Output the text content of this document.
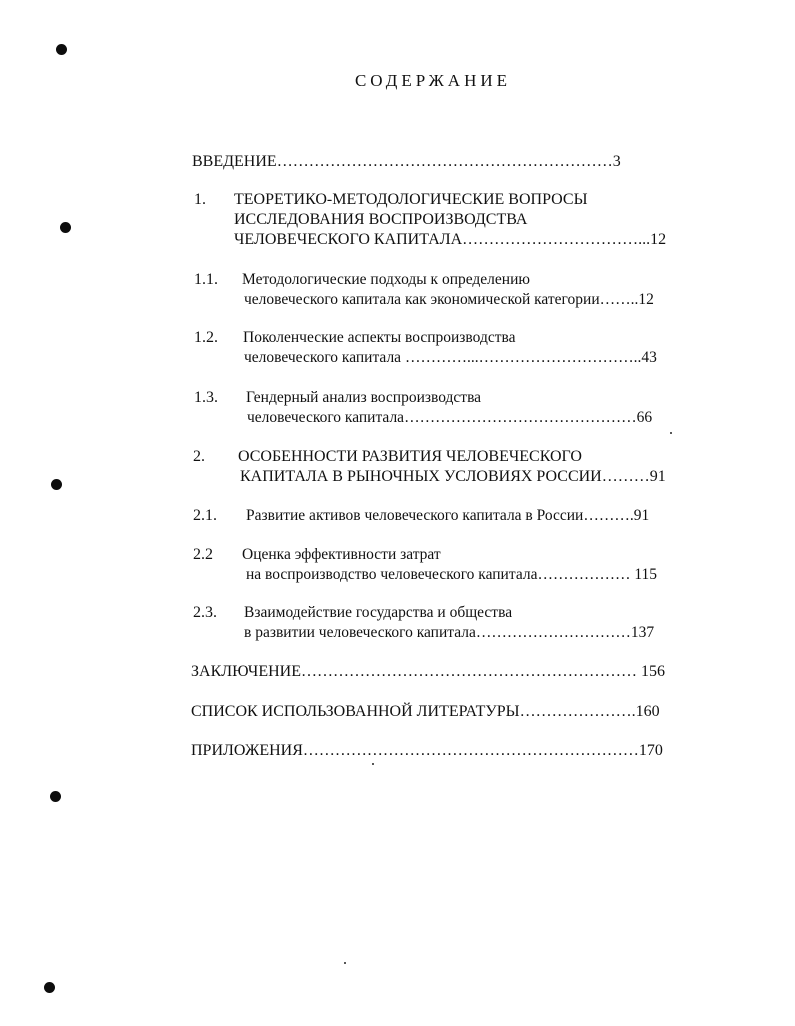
СОДЕРЖАНИЕ
ВВЕДЕНИЕ………………………………………………………3
1. ТЕОРЕТИКО-МЕТОДОЛОГИЧЕСКИЕ ВОПРОСЫ
ИССЛЕДОВАНИЯ ВОСПРОИЗВОДСТВА
ЧЕЛОВЕЧЕСКОГО КАПИТАЛА……………………………...12
1.1. Методологические подходы к определению
человеческого капитала как экономической категории……..12
1.2. Поколенческие аспекты воспроизводства
человеческого капитала …………...…………………………..43
1.3. Гендерный анализ воспроизводства
человеческого капитала………………………………………66
2. ОСОБЕННОСТИ РАЗВИТИЯ ЧЕЛОВЕЧЕСКОГО
КАПИТАЛА В РЫНОЧНЫХ УСЛОВИЯХ РОССИИ………91
2.1. Развитие активов человеческого капитала в России……….91
2.2 Оценка эффективности затрат
на воспроизводство человеческого капитала……………… 115
2.3. Взаимодействие государства и общества
в развитии человеческого капитала…………………………137
ЗАКЛЮЧЕНИЕ……………………………………………………… 156
СПИСОК ИСПОЛЬЗОВАННОЙ ЛИТЕРАТУРЫ………………….160
ПРИЛОЖЕНИЯ………………………………………………………170
